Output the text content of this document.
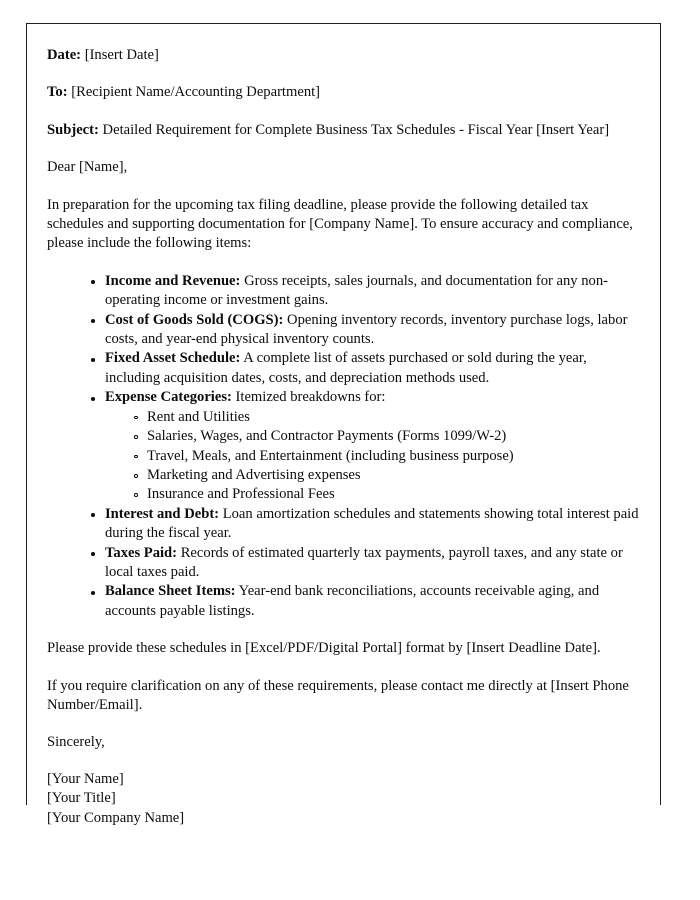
Date: [Insert Date]

To: [Recipient Name/Accounting Department]

Subject: Detailed Requirement for Complete Business Tax Schedules - Fiscal Year [Insert Year]

Dear [Name],

In preparation for the upcoming tax filing deadline, please provide the following detailed tax schedules and supporting documentation for [Company Name]. To ensure accuracy and compliance, please include the following items:

Income and Revenue: Gross receipts, sales journals, and documentation for any non-operating income or investment gains.
Cost of Goods Sold (COGS): Opening inventory records, inventory purchase logs, labor costs, and year-end physical inventory counts.
Fixed Asset Schedule: A complete list of assets purchased or sold during the year, including acquisition dates, costs, and depreciation methods used.
Expense Categories: Itemized breakdowns for:
Rent and Utilities
Salaries, Wages, and Contractor Payments (Forms 1099/W-2)
Travel, Meals, and Entertainment (including business purpose)
Marketing and Advertising expenses
Insurance and Professional Fees
Interest and Debt: Loan amortization schedules and statements showing total interest paid during the fiscal year.
Taxes Paid: Records of estimated quarterly tax payments, payroll taxes, and any state or local taxes paid.
Balance Sheet Items: Year-end bank reconciliations, accounts receivable aging, and accounts payable listings.

Please provide these schedules in [Excel/PDF/Digital Portal] format by [Insert Deadline Date].

If you require clarification on any of these requirements, please contact me directly at [Insert Phone Number/Email].

Sincerely,

[Your Name]

[Your Title]

[Your Company Name]
